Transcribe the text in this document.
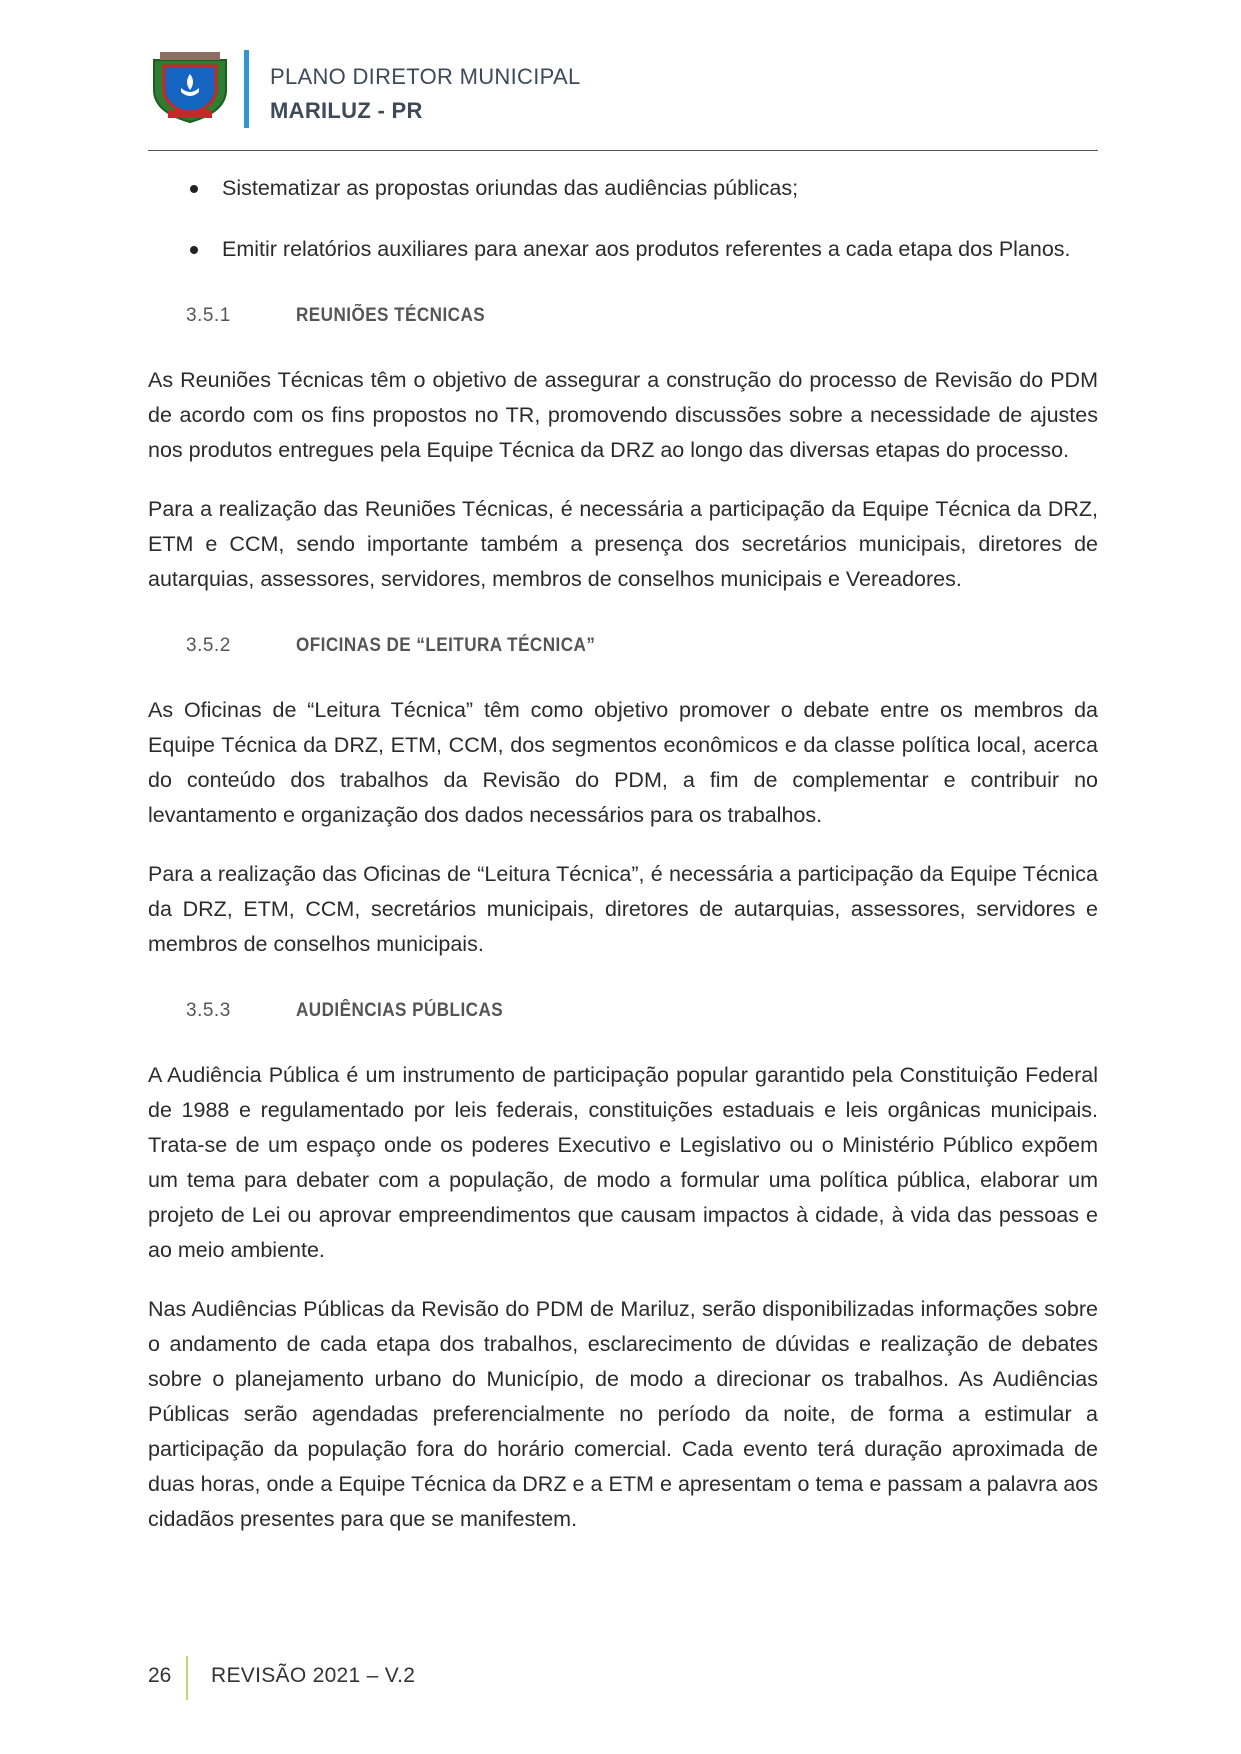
PLANO DIRETOR MUNICIPAL
MARILUZ - PR
Sistematizar as propostas oriundas das audiências públicas;
Emitir relatórios auxiliares para anexar aos produtos referentes a cada etapa dos Planos.
3.5.1	REUNIÕES TÉCNICAS

As Reuniões Técnicas têm o objetivo de assegurar a construção do processo de Revisão do PDM de acordo com os fins propostos no TR, promovendo discussões sobre a necessidade de ajustes nos produtos entregues pela Equipe Técnica da DRZ ao longo das diversas etapas do processo.

Para a realização das Reuniões Técnicas, é necessária a participação da Equipe Técnica da DRZ, ETM e CCM, sendo importante também a presença dos secretários municipais, diretores de autarquias, assessores, servidores, membros de conselhos municipais e Vereadores.

3.5.2	OFICINAS DE “LEITURA TÉCNICA”

As Oficinas de “Leitura Técnica” têm como objetivo promover o debate entre os membros da Equipe Técnica da DRZ, ETM, CCM, dos segmentos econômicos e da classe política local, acerca do conteúdo dos trabalhos da Revisão do PDM, a fim de complementar e contribuir no levantamento e organização dos dados necessários para os trabalhos.

Para a realização das Oficinas de “Leitura Técnica”, é necessária a participação da Equipe Técnica da DRZ, ETM, CCM, secretários municipais, diretores de autarquias, assessores, servidores e membros de conselhos municipais.

3.5.3	AUDIÊNCIAS PÚBLICAS

A Audiência Pública é um instrumento de participação popular garantido pela Constituição Federal de 1988 e regulamentado por leis federais, constituições estaduais e leis orgânicas municipais. Trata-se de um espaço onde os poderes Executivo e Legislativo ou o Ministério Público expõem um tema para debater com a população, de modo a formular uma política pública, elaborar um projeto de Lei ou aprovar empreendimentos que causam impactos à cidade, à vida das pessoas e ao meio ambiente.

Nas Audiências Públicas da Revisão do PDM de Mariluz, serão disponibilizadas informações sobre o andamento de cada etapa dos trabalhos, esclarecimento de dúvidas e realização de debates sobre o planejamento urbano do Município, de modo a direcionar os trabalhos. As Audiências Públicas serão agendadas preferencialmente no período da noite, de forma a estimular a participação da população fora do horário comercial. Cada evento terá duração aproximada de duas horas, onde a Equipe Técnica da DRZ e a ETM e apresentam o tema e passam a palavra aos cidadãos presentes para que se manifestem.

26 REVISÃO 2021 – V.2
